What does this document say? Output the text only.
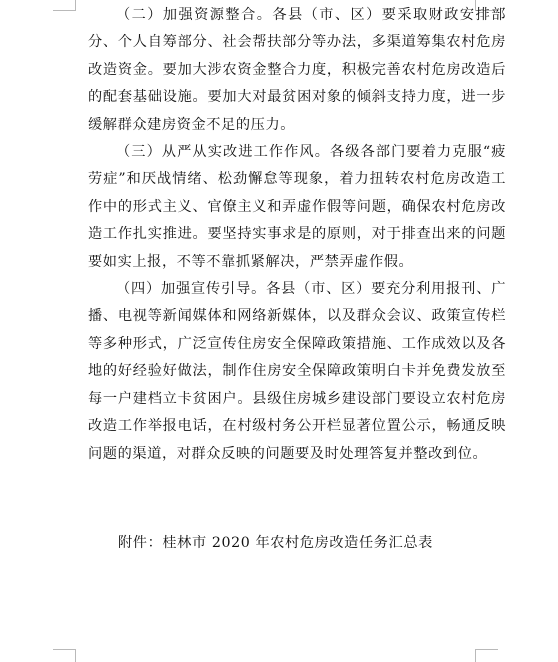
（二）加强资源整合。各县（市、区）要采取财政安排部分、个人自筹部分、社会帮扶部分等办法，多渠道筹集农村危房改造资金。要加大涉农资金整合力度，积极完善农村危房改造后的配套基础设施。要加大对最贫困对象的倾斜支持力度，进一步缓解群众建房资金不足的压力。

（三）从严从实改进工作作风。各级各部门要着力克服“疲劳症”和厌战情绪、松劲懈怠等现象，着力扭转农村危房改造工作中的形式主义、官僚主义和弄虚作假等问题，确保农村危房改造工作扎实推进。要坚持实事求是的原则，对于排查出来的问题要如实上报，不等不靠抓紧解决，严禁弄虚作假。

（四）加强宣传引导。各县（市、区）要充分利用报刊、广播、电视等新闻媒体和网络新媒体，以及群众会议、政策宣传栏等多种形式，广泛宣传住房安全保障政策措施、工作成效以及各地的好经验好做法，制作住房安全保障政策明白卡并免费发放至每一户建档立卡贫困户。县级住房城乡建设部门要设立农村危房改造工作举报电话，在村级村务公开栏显著位置公示，畅通反映问题的渠道，对群众反映的问题要及时处理答复并整改到位。

附件：桂林市 2020 年农村危房改造任务汇总表
